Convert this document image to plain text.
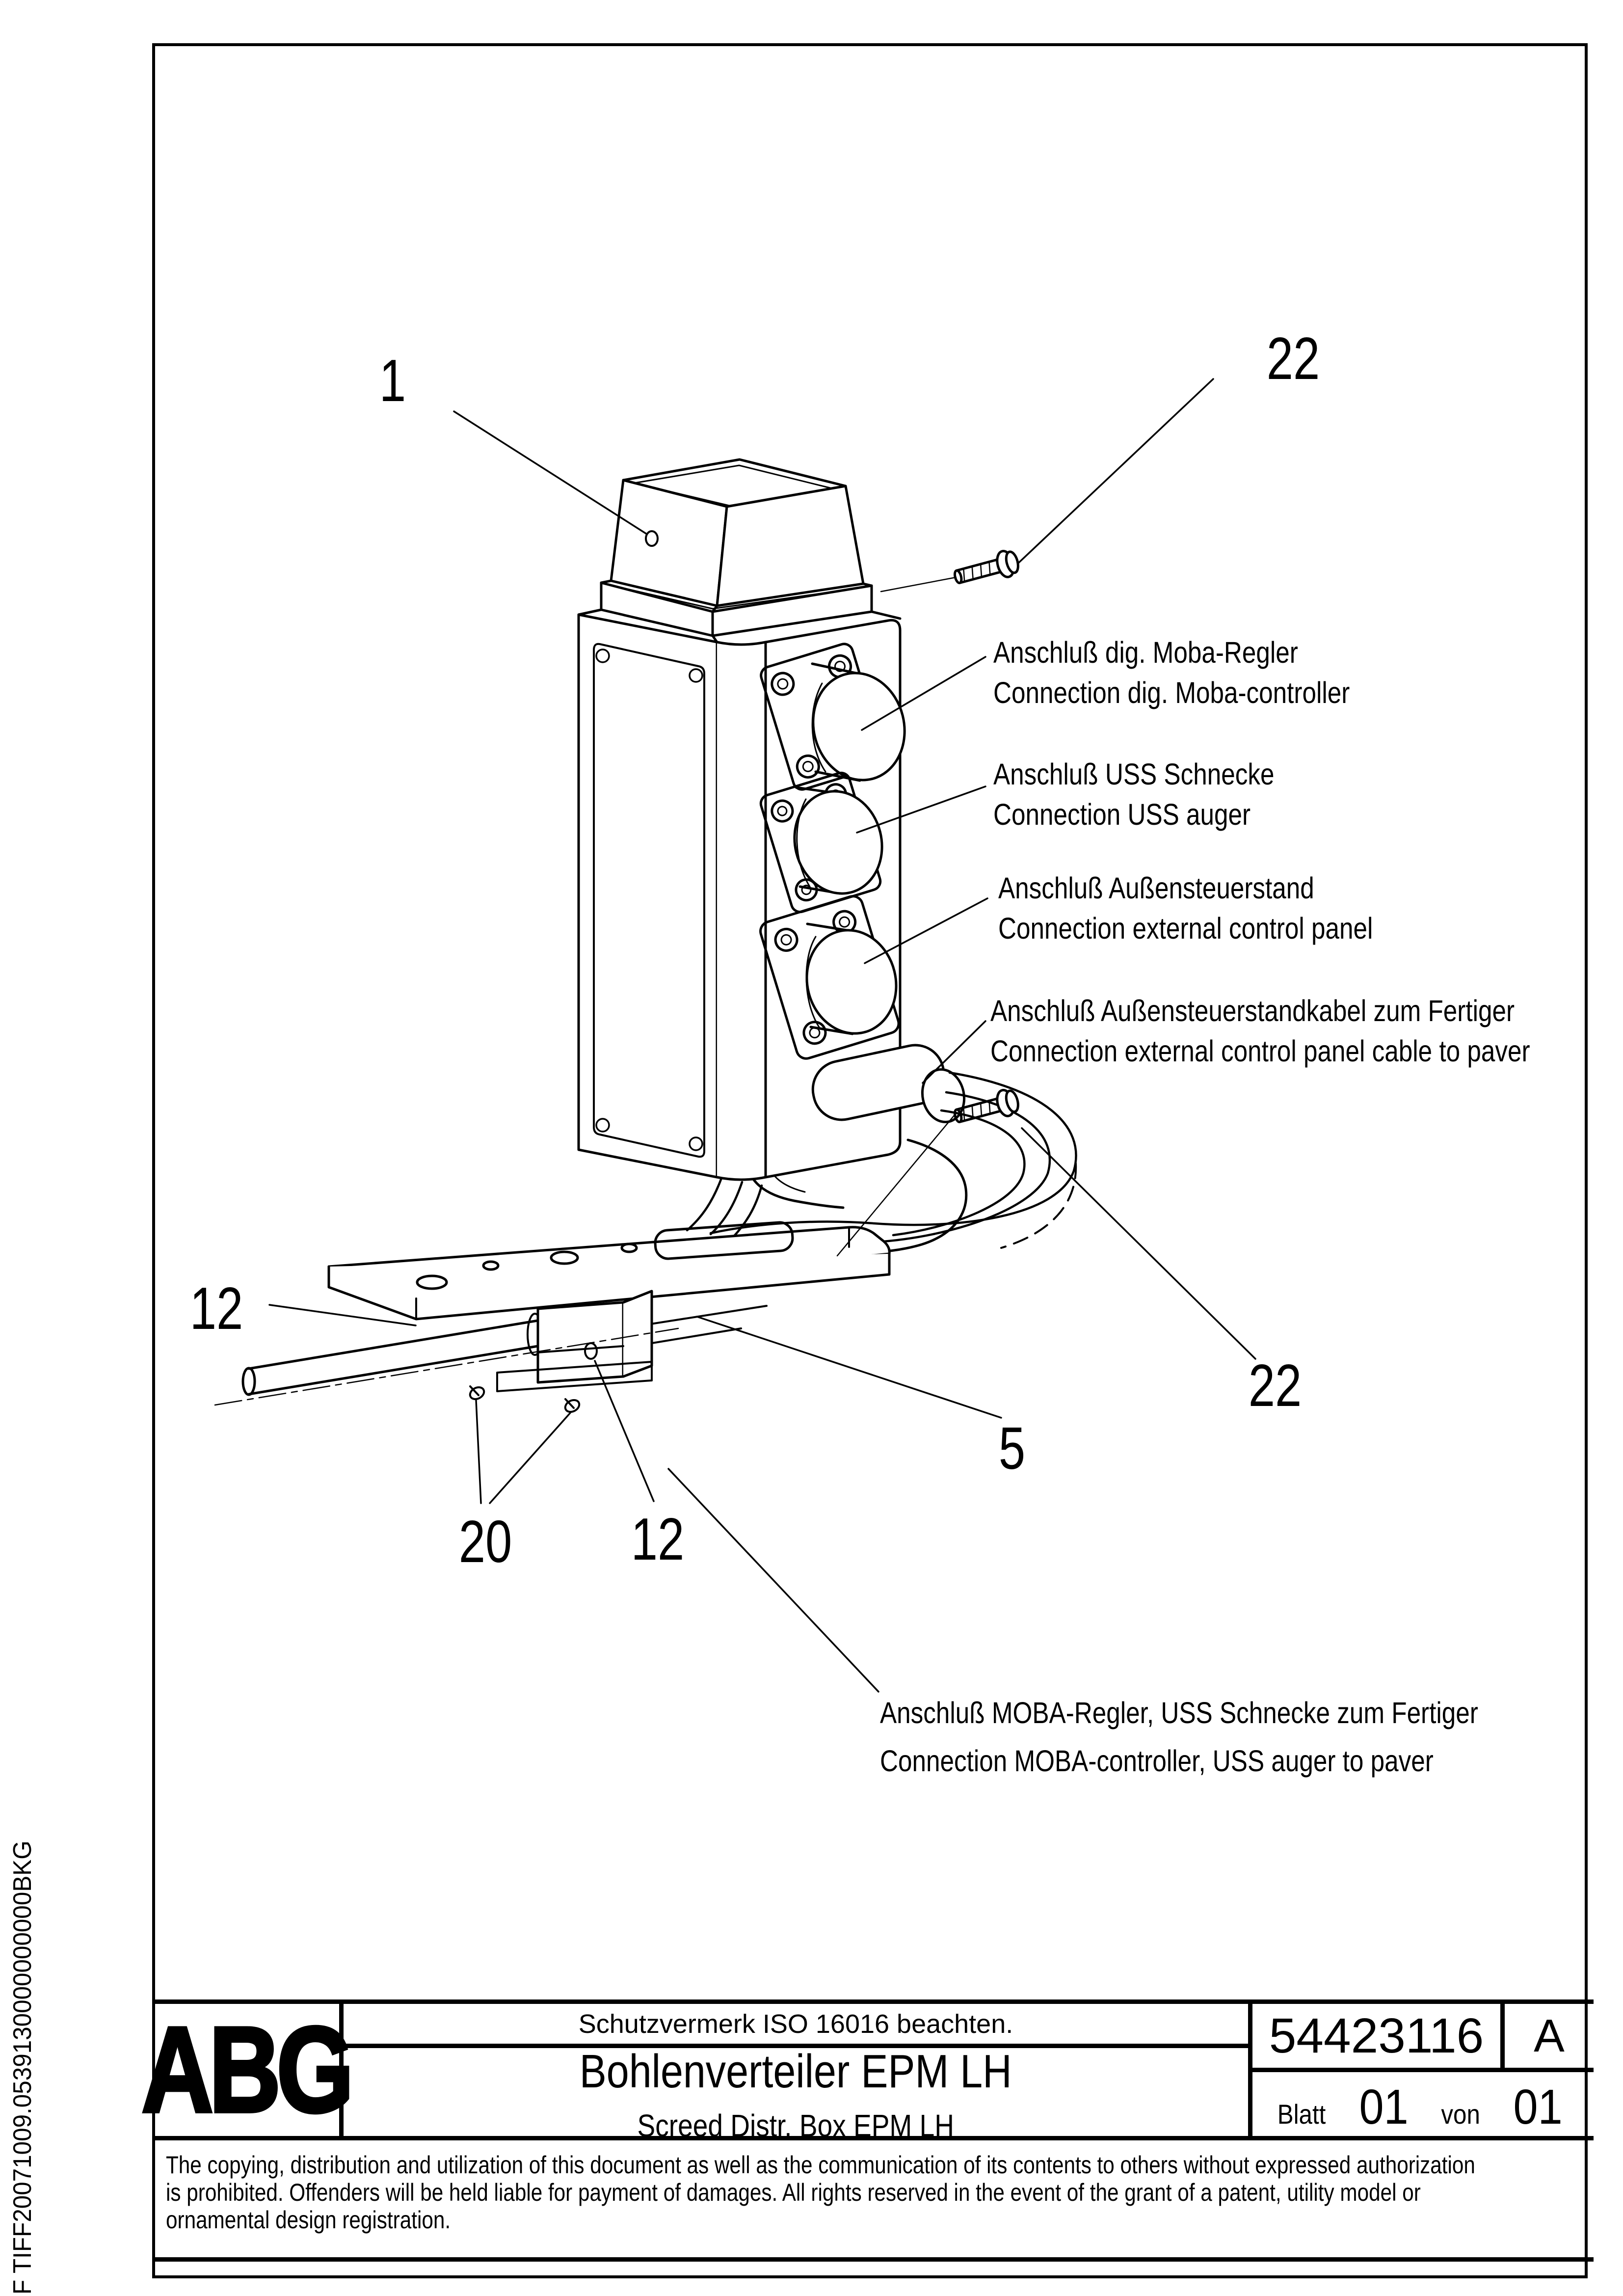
1	22
12
20 12
5
22
Anschluß dig. Moba-Regler
Connection dig. Moba-controller
Anschluß USS Schnecke
Connection USS auger
Anschluß Außensteuerstand
Connection external control panel
Anschluß Außensteuerstandkabel zum Fertiger
Connection external control panel cable to paver
Anschluß MOBA-Regler, USS Schnecke zum Fertiger
Connection MOBA-controller, USS auger to paver
ABG	Schutzvermerk ISO 16016 beachten.
Bohlenverteiler EPM LH
Screed Distr. Box EPM LH
54423116	A
Blatt 01 von 01
The copying, distribution and utilization of this document as well as the communication of its contents to others without expressed authorization
is prohibited. Offenders will be held liable for payment of damages. All rights reserved in the event of the grant of a patent, utility model or
ornamental design registration.
F TIFF20071009.0539130000000000BKG
